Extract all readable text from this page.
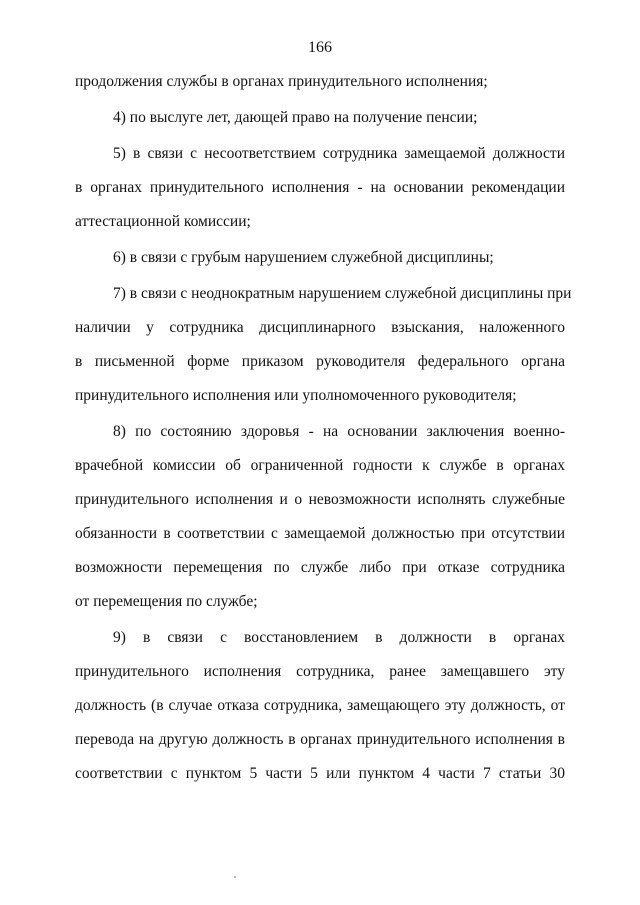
166
продолжения службы в органах принудительного исполнения;
4) по выслуге лет, дающей право на получение пенсии;
5) в связи с несоответствием сотрудника замещаемой должности
в органах принудительного исполнения - на основании рекомендации
аттестационной комиссии;
6) в связи с грубым нарушением служебной дисциплины;
7) в связи с неоднократным нарушением служебной дисциплины при
наличии у сотрудника дисциплинарного взыскания, наложенного
в письменной форме приказом руководителя федерального органа
принудительного исполнения или уполномоченного руководителя;
8) по состоянию здоровья - на основании заключения военно-
врачебной комиссии об ограниченной годности к службе в органах
принудительного исполнения и о невозможности исполнять служебные
обязанности в соответствии с замещаемой должностью при отсутствии
возможности перемещения по службе либо при отказе сотрудника
от перемещения по службе;
9) в связи с восстановлением в должности в органах
принудительного исполнения сотрудника, ранее замещавшего эту
должность (в случае отказа сотрудника, замещающего эту должность, от
перевода на другую должность в органах принудительного исполнения в
соответствии с пунктом 5 части 5 или пунктом 4 части 7 статьи 30
